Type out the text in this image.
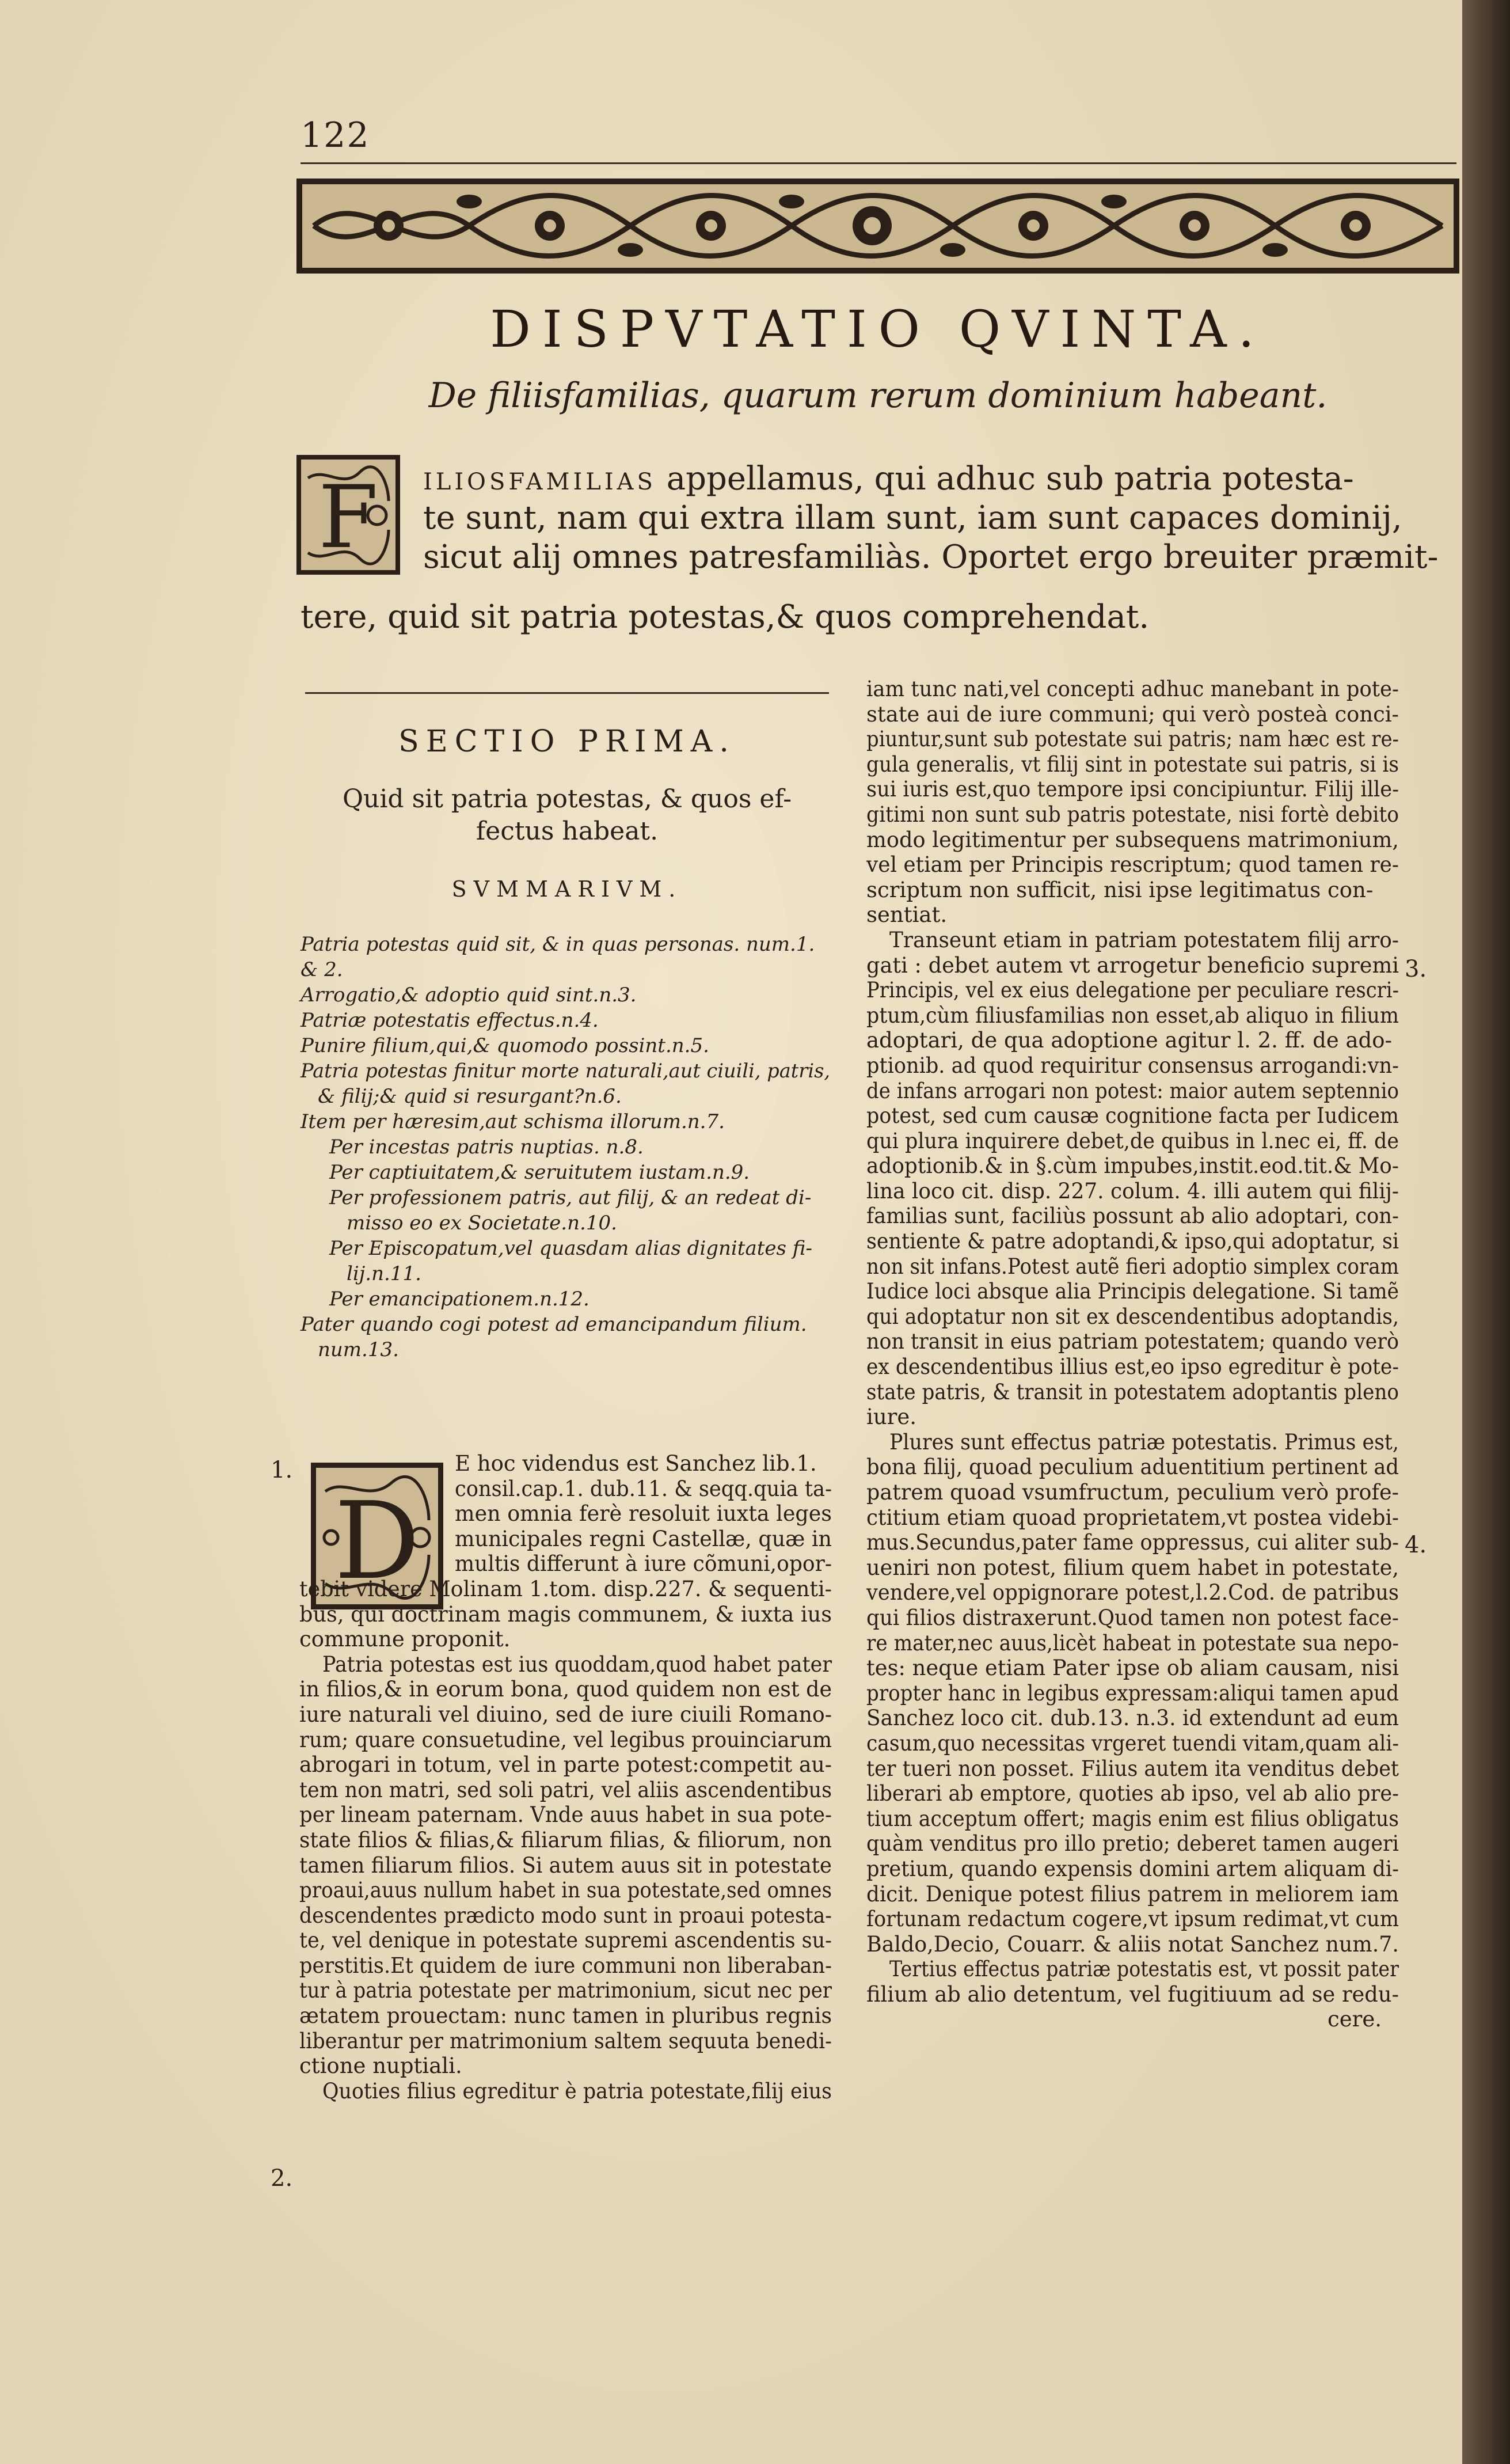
122
DISPVTATIO QVINTA.
De filiisfamilias, quarum rerum dominium habeant.
F ILIOSFAMILIAS appellamus, qui adhuc sub patria potesta-
te sunt, nam qui extra illam sunt, iam sunt capaces dominij,
sicut alij omnes patresfamiliàs. Oportet ergo breuiter præmit-
tere, quid sit patria potestas,& quos comprehendat.
SECTIO PRIMA.
Quid sit patria potestas, & quos ef-
fectus habeat.
SVMMARIVM.
Patria potestas quid sit, & in quas personas. num.1.
& 2.
Arrogatio,& adoptio quid sint.n.3.
Patriæ potestatis effectus.n.4.
Punire filium,qui,& quomodo possint.n.5.
Patria potestas finitur morte naturali,aut ciuili, patris,
& filij;& quid si resurgant?n.6.
Item per hæresim,aut schisma illorum.n.7.
Per incestas patris nuptias. n.8.
Per captiuitatem,& seruitutem iustam.n.9.
Per professionem patris, aut filij, & an redeat di-
misso eo ex Societate.n.10.
Per Episcopatum,vel quasdam alias dignitates fi-
lij.n.11.
Per emancipationem.n.12.
Pater quando cogi potest ad emancipandum filium.
num.13.
1.
2.
3.
4.
D
E hoc videndus est Sanchez lib.1.
consil.cap.1. dub.11. & seqq.quia ta-
men omnia ferè resoluit iuxta leges
municipales regni Castellæ, quæ in
multis differunt à iure cõmuni,opor-
tebit videre Molinam 1.tom. disp.227. & sequenti-
bus, qui doctrinam magis communem, & iuxta ius
commune proponit.
Patria potestas est ius quoddam,quod habet pater
in filios,& in eorum bona, quod quidem non est de
iure naturali vel diuino, sed de iure ciuili Romano-
rum; quare consuetudine, vel legibus prouinciarum
abrogari in totum, vel in parte potest:competit au-
tem non matri, sed soli patri, vel aliis ascendentibus
per lineam paternam. Vnde auus habet in sua pote-
state filios & filias,& filiarum filias, & filiorum, non
tamen filiarum filios. Si autem auus sit in potestate
proaui,auus nullum habet in sua potestate,sed omnes
descendentes prædicto modo sunt in proaui potesta-
te, vel denique in potestate supremi ascendentis su-
perstitis.Et quidem de iure communi non liberaban-
tur à patria potestate per matrimonium, sicut nec per
ætatem prouectam: nunc tamen in pluribus regnis
liberantur per matrimonium saltem sequuta benedi-
ctione nuptiali.
Quoties filius egreditur è patria potestate,filij eius
iam tunc nati,vel concepti adhuc manebant in pote-
state aui de iure communi; qui verò posteà conci-
piuntur,sunt sub potestate sui patris; nam hæc est re-
gula generalis, vt filij sint in potestate sui patris, si is
sui iuris est,quo tempore ipsi concipiuntur. Filij ille-
gitimi non sunt sub patris potestate, nisi fortè debito
modo legitimentur per subsequens matrimonium,
vel etiam per Principis rescriptum; quod tamen re-
scriptum non sufficit, nisi ipse legitimatus con-
sentiat.
Transeunt etiam in patriam potestatem filij arro-
gati : debet autem vt arrogetur beneficio supremi
Principis, vel ex eius delegatione per peculiare rescri-
ptum,cùm filiusfamilias non esset,ab aliquo in filium
adoptari, de qua adoptione agitur l. 2. ff. de ado-
ptionib. ad quod requiritur consensus arrogandi:vn-
de infans arrogari non potest: maior autem septennio
potest, sed cum causæ cognitione facta per Iudicem
qui plura inquirere debet,de quibus in l.nec ei, ff. de
adoptionib.& in §.cùm impubes,instit.eod.tit.& Mo-
lina loco cit. disp. 227. colum. 4. illi autem qui filij-
familias sunt, faciliùs possunt ab alio adoptari, con-
sentiente & patre adoptandi,& ipso,qui adoptatur, si
non sit infans.Potest autẽ fieri adoptio simplex coram
Iudice loci absque alia Principis delegatione. Si tamẽ
qui adoptatur non sit ex descendentibus adoptandis,
non transit in eius patriam potestatem; quando verò
ex descendentibus illius est,eo ipso egreditur è pote-
state patris, & transit in potestatem adoptantis pleno
iure.
Plures sunt effectus patriæ potestatis. Primus est,
bona filij, quoad peculium aduentitium pertinent ad
patrem quoad vsumfructum, peculium verò profe-
ctitium etiam quoad proprietatem,vt postea videbi-
mus.Secundus,pater fame oppressus, cui aliter sub-
ueniri non potest, filium quem habet in potestate,
vendere,vel oppignorare potest,l.2.Cod. de patribus
qui filios distraxerunt.Quod tamen non potest face-
re mater,nec auus,licèt habeat in potestate sua nepo-
tes: neque etiam Pater ipse ob aliam causam, nisi
propter hanc in legibus expressam:aliqui tamen apud
Sanchez loco cit. dub.13. n.3. id extendunt ad eum
casum,quo necessitas vrgeret tuendi vitam,quam ali-
ter tueri non posset. Filius autem ita venditus debet
liberari ab emptore, quoties ab ipso, vel ab alio pre-
tium acceptum offert; magis enim est filius obligatus
quàm venditus pro illo pretio; deberet tamen augeri
pretium, quando expensis domini artem aliquam di-
dicit. Denique potest filius patrem in meliorem iam
fortunam redactum cogere,vt ipsum redimat,vt cum
Baldo,Decio, Couarr. & aliis notat Sanchez num.7.
Tertius effectus patriæ potestatis est, vt possit pater
filium ab alio detentum, vel fugitiuum ad se redu-
cere.
